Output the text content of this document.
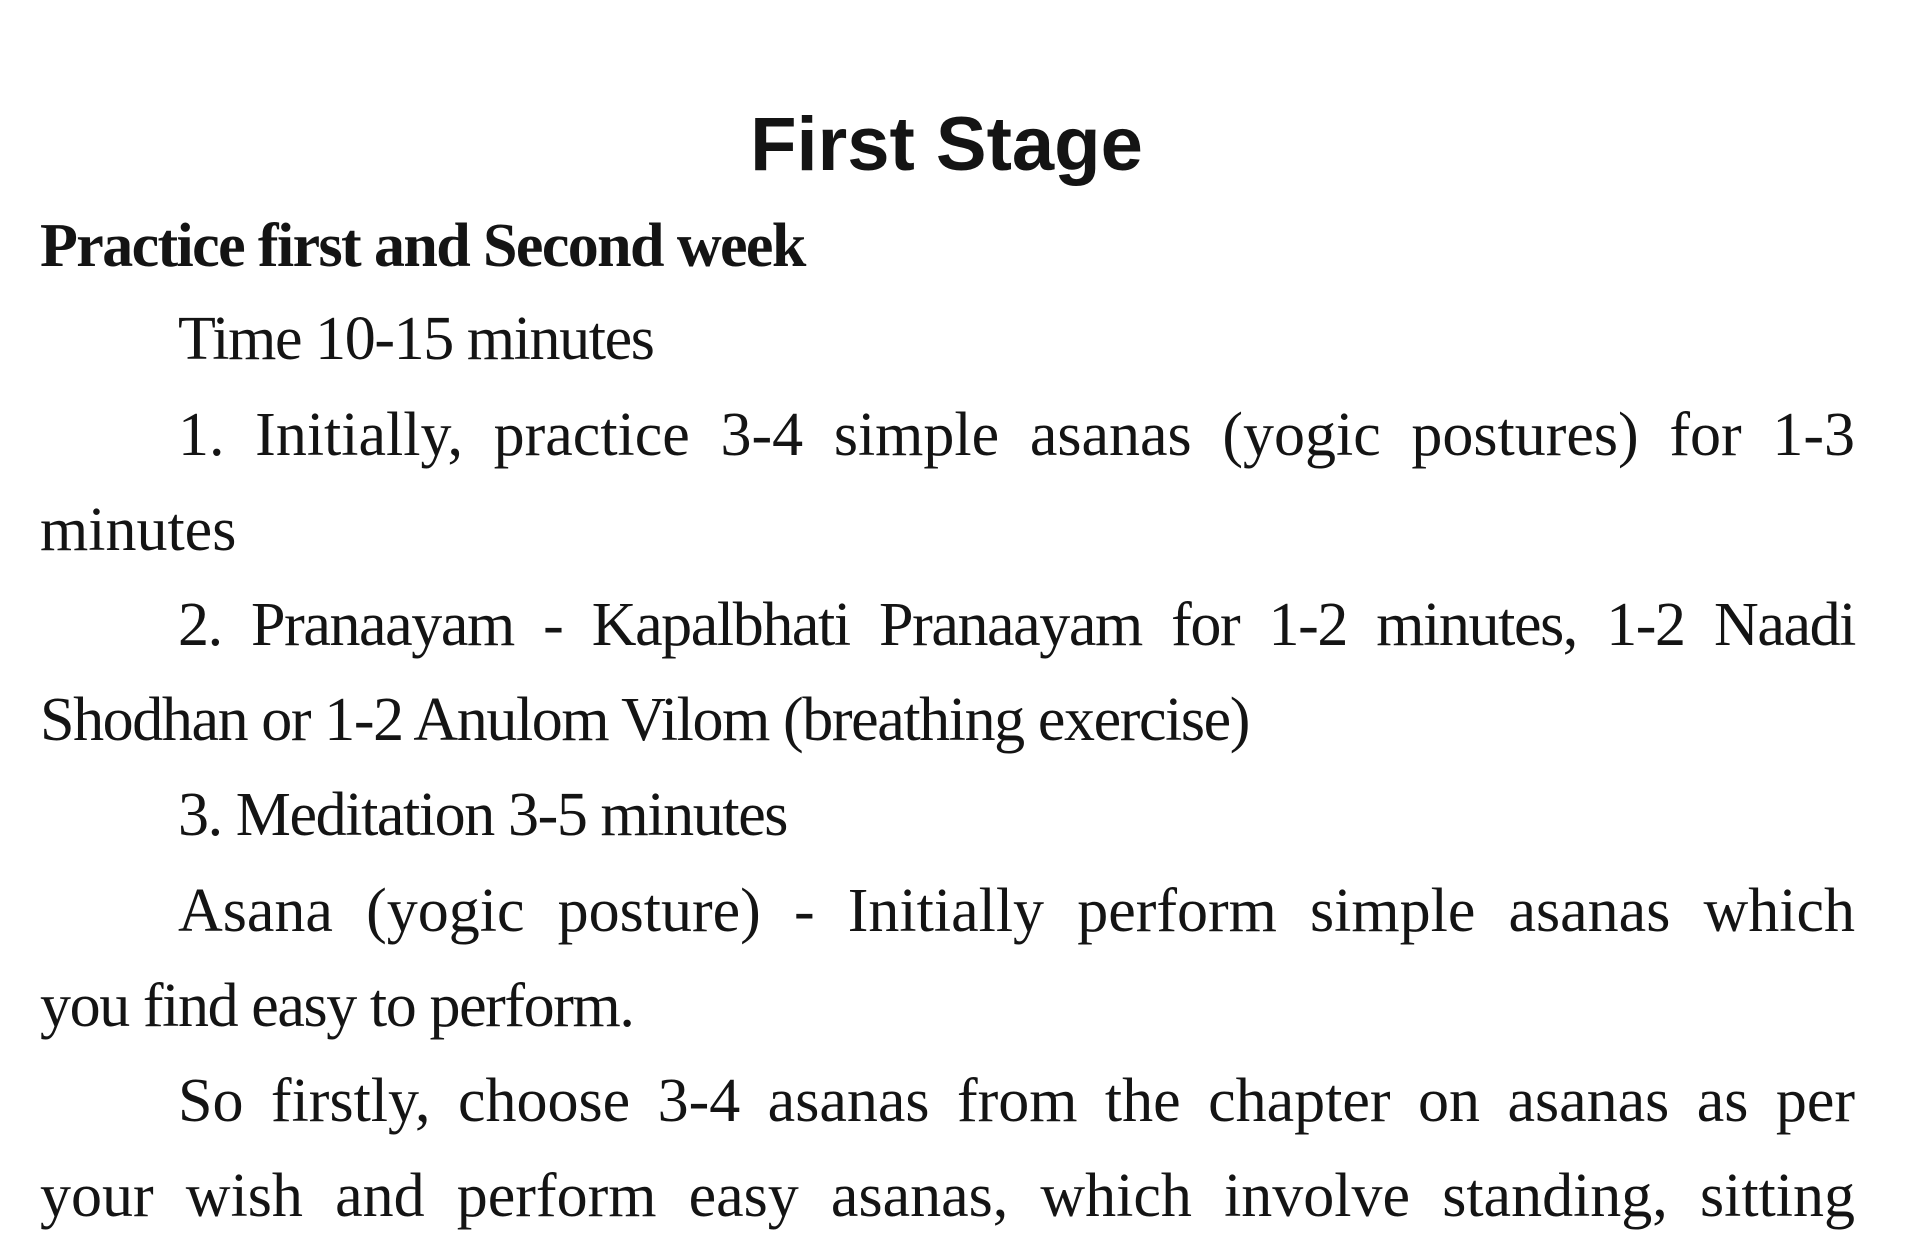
First Stage
Practice first and Second week
Time 10-15 minutes
1. Initially, practice 3-4 simple asanas (yogic postures) for 1-3
minutes
2. Pranaayam - Kapalbhati Pranaayam for 1-2 minutes, 1-2 Naadi
Shodhan or 1-2 Anulom Vilom (breathing exercise)
3. Meditation 3-5 minutes
Asana (yogic posture) - Initially perform simple asanas which
you find easy to perform.
So firstly, choose 3-4 asanas from the chapter on asanas as per
your wish and perform easy asanas, which involve standing, sitting
